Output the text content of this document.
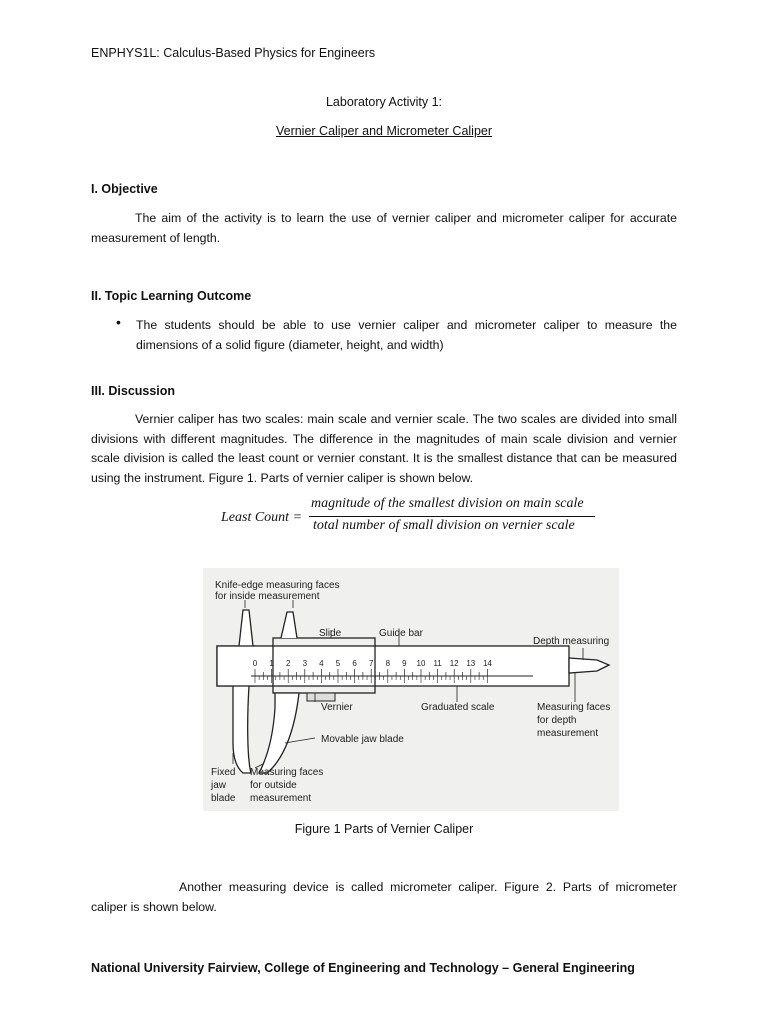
ENPHYS1L: Calculus-Based Physics for Engineers
Laboratory Activity 1:
Vernier Caliper and Micrometer Caliper
I. Objective
The aim of the activity is to learn the use of vernier caliper and micrometer caliper for accurate measurement of length.
II. Topic Learning Outcome
• The students should be able to use vernier caliper and micrometer caliper to measure the dimensions of a solid figure (diameter, height, and width)
III. Discussion
Vernier caliper has two scales: main scale and vernier scale. The two scales are divided into small divisions with different magnitudes. The difference in the magnitudes of main scale division and vernier scale division is called the least count or vernier constant. It is the smallest distance that can be measured using the instrument. Figure 1. Parts of vernier caliper is shown below.
Least Count =
magnitude of the smallest division on main scale
total number of small division on vernier scale
0 1 2 3 4 5 6 7 8 9 10 11 12 13 14
Knife-edge measuring faces
for inside measurement
Slide	Guide bar
Depth measuring
Vernier	Graduated scale	Measuring faces
for depth
measurement
Movable jaw blade
Fixed
jaw
blade
Measuring faces
for outside
measurement
Figure 1 Parts of Vernier Caliper
Another measuring device is called micrometer caliper. Figure 2. Parts of micrometer caliper is shown below.
National University Fairview, College of Engineering and Technology – General Engineering
